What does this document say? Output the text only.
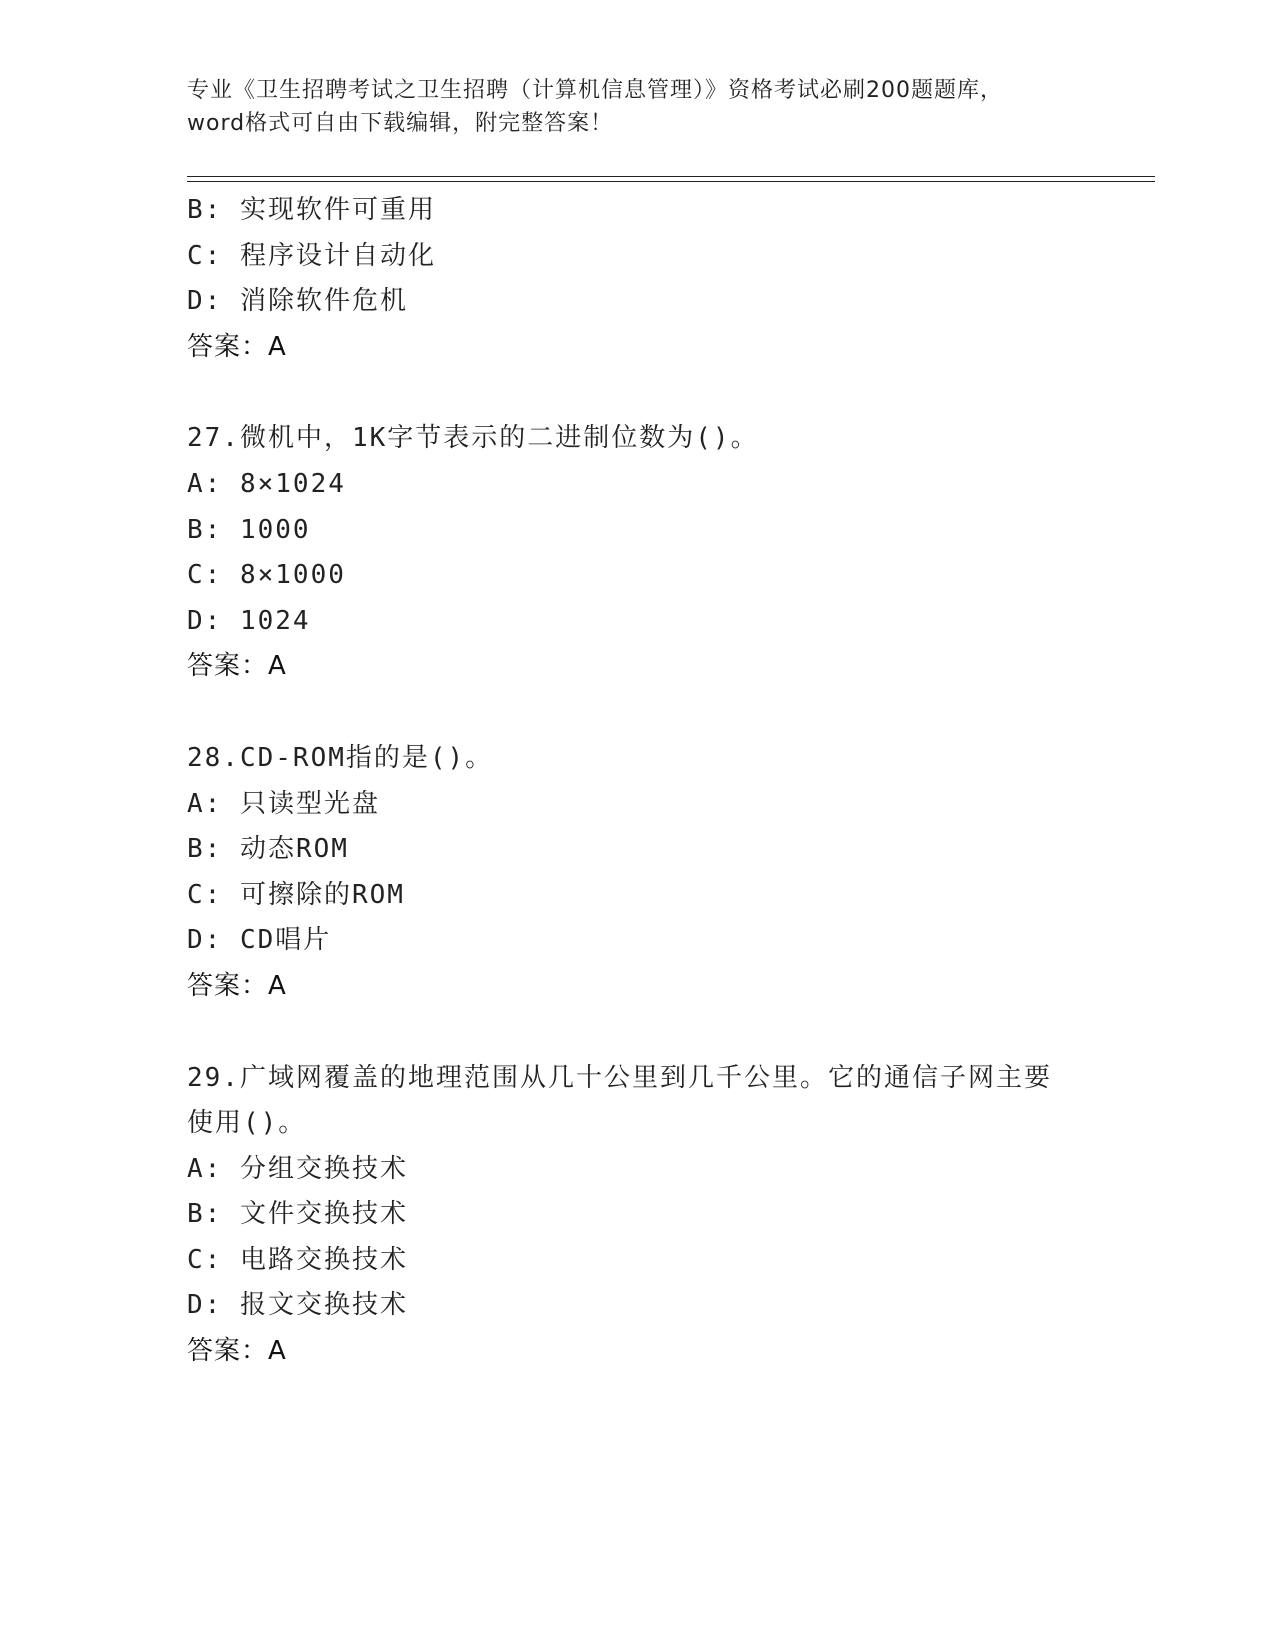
专业《卫生招聘考试之卫生招聘（计算机信息管理）》资格考试必刷200题题库，
word格式可自由下载编辑，附完整答案！
B: 实现软件可重用
C: 程序设计自动化
D: 消除软件危机
答案：A
27.微机中，1K字节表示的二进制位数为()。
A: 8×1024
B: 1000
C: 8×1000
D: 1024
答案：A
28.CD-ROM指的是()。
A: 只读型光盘
B: 动态ROM
C: 可擦除的ROM
D: CD唱片
答案：A
29.广域网覆盖的地理范围从几十公里到几千公里。它的通信子网主要
使用()。
A: 分组交换技术
B: 文件交换技术
C: 电路交换技术
D: 报文交换技术
答案：A
